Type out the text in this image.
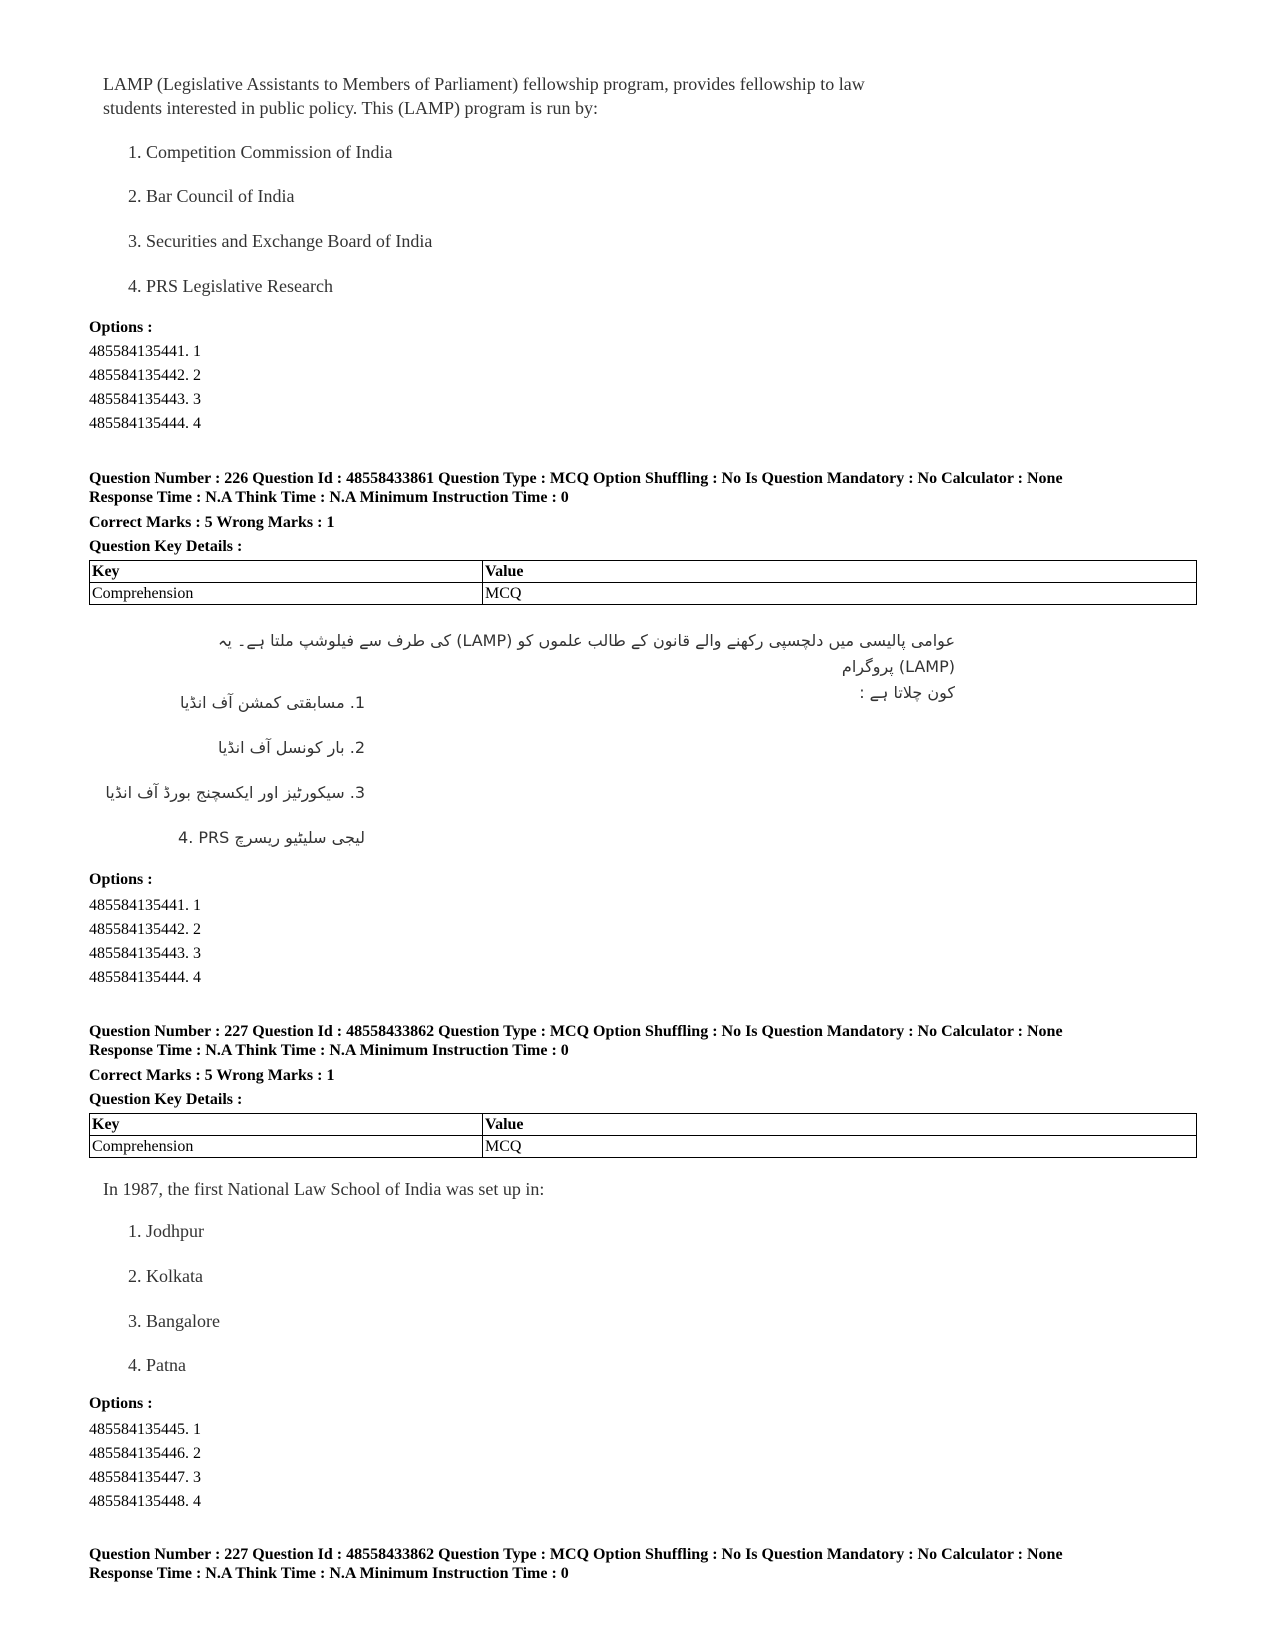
LAMP (Legislative Assistants to Members of Parliament) fellowship program, provides fellowship to law
students interested in public policy. This (LAMP) program is run by:
1. Competition Commission of India
2. Bar Council of India
3. Securities and Exchange Board of India
4. PRS Legislative Research
Options :
485584135441. 1
485584135442. 2
485584135443. 3
485584135444. 4
Question Number : 226 Question Id : 48558433861 Question Type : MCQ Option Shuffling : No Is Question Mandatory : No Calculator : None
Response Time : N.A Think Time : N.A Minimum Instruction Time : 0
Correct Marks : 5 Wrong Marks : 1
Question Key Details :
Key	Value
Comprehension	MCQ
عوامی پالیسی میں دلچسپی رکھنے والے قانون کے طالب علموں کو (LAMP) کی طرف سے فیلوشپ ملتا ہے۔ یہ (LAMP) پروگرام
کون چلاتا ہے :
1. مسابقتی کمشن آف انڈیا
2. بار کونسل آف انڈیا
3. سیکورٹیز اور ایکسچنج بورڈ آف انڈیا
4. PRS لیجی سلیٹیو ریسرچ
Options :
485584135441. 1
485584135442. 2
485584135443. 3
485584135444. 4
Question Number : 227 Question Id : 48558433862 Question Type : MCQ Option Shuffling : No Is Question Mandatory : No Calculator : None
Response Time : N.A Think Time : N.A Minimum Instruction Time : 0
Correct Marks : 5 Wrong Marks : 1
Question Key Details :
Key	Value
Comprehension	MCQ
In 1987, the first National Law School of India was set up in:
1. Jodhpur
2. Kolkata
3. Bangalore
4. Patna
Options :
485584135445. 1
485584135446. 2
485584135447. 3
485584135448. 4
Question Number : 227 Question Id : 48558433862 Question Type : MCQ Option Shuffling : No Is Question Mandatory : No Calculator : None
Response Time : N.A Think Time : N.A Minimum Instruction Time : 0
